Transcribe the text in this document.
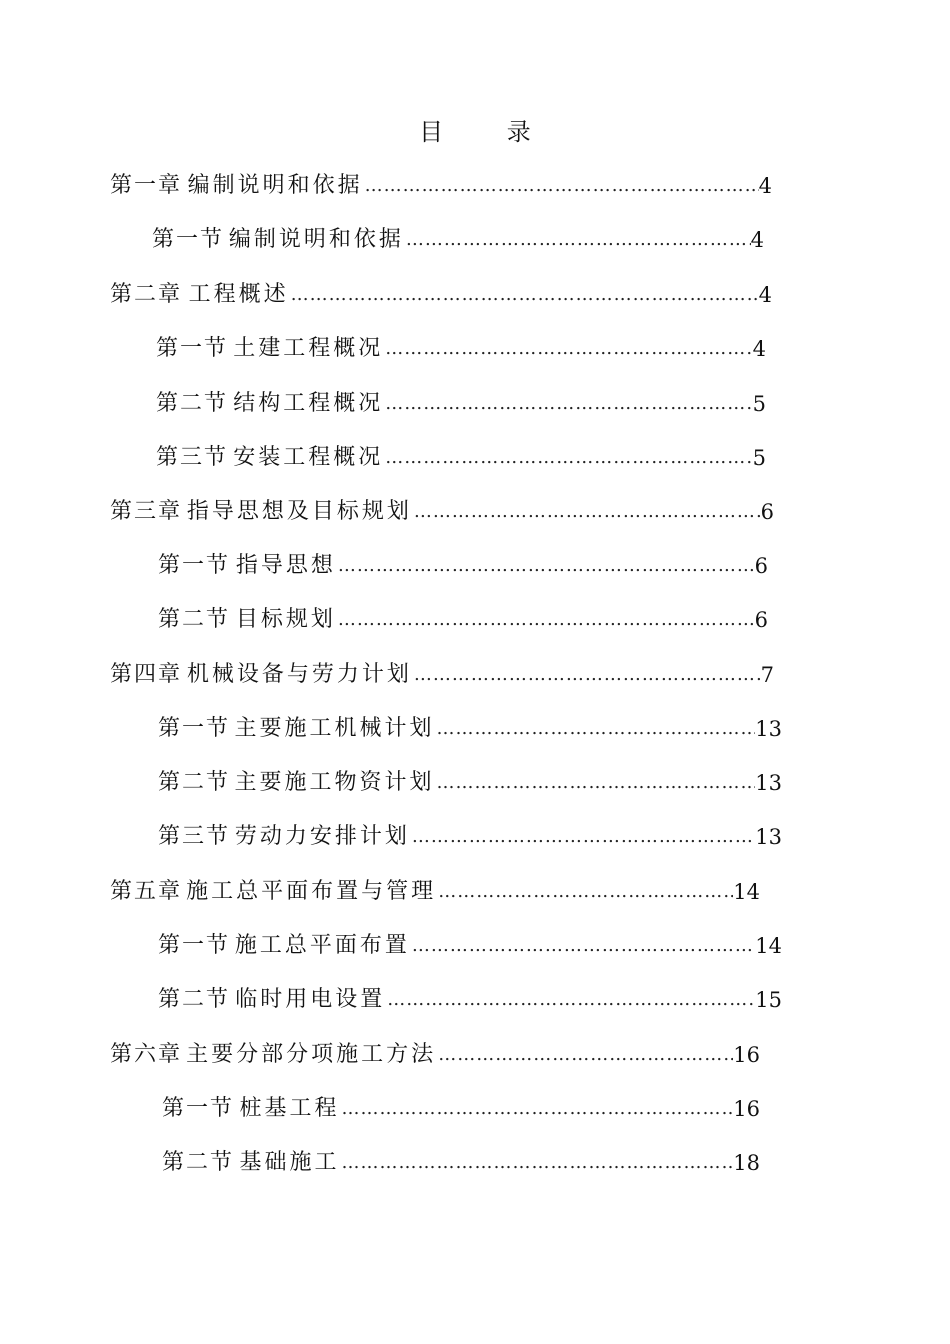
目 录
第一章 编制说明和依据 …………………………………………………………………………………………………………………………………………	4
第一节 编制说明和依据 …………………………………………………………………………………………………………………………………………	4
第二章 工程概述 …………………………………………………………………………………………………………………………………………	4
第一节 土建工程概况 …………………………………………………………………………………………………………………………………………	4
第二节 结构工程概况 …………………………………………………………………………………………………………………………………………	5
第三节 安装工程概况 …………………………………………………………………………………………………………………………………………	5
第三章 指导思想及目标规划 …………………………………………………………………………………………………………………………………………	6
第一节 指导思想 …………………………………………………………………………………………………………………………………………	6
第二节 目标规划 …………………………………………………………………………………………………………………………………………	6
第四章 机械设备与劳力计划 …………………………………………………………………………………………………………………………………………	7
第一节 主要施工机械计划 …………………………………………………………………………………………………………………………………………	13
第二节 主要施工物资计划 …………………………………………………………………………………………………………………………………………	13
第三节 劳动力安排计划 …………………………………………………………………………………………………………………………………………	13
第五章 施工总平面布置与管理 …………………………………………………………………………………………………………………………………………	14
第一节 施工总平面布置 …………………………………………………………………………………………………………………………………………	14
第二节 临时用电设置 …………………………………………………………………………………………………………………………………………	15
第六章 主要分部分项施工方法 …………………………………………………………………………………………………………………………………………	16
第一节 桩基工程 …………………………………………………………………………………………………………………………………………	16
第二节 基础施工 …………………………………………………………………………………………………………………………………………	18
